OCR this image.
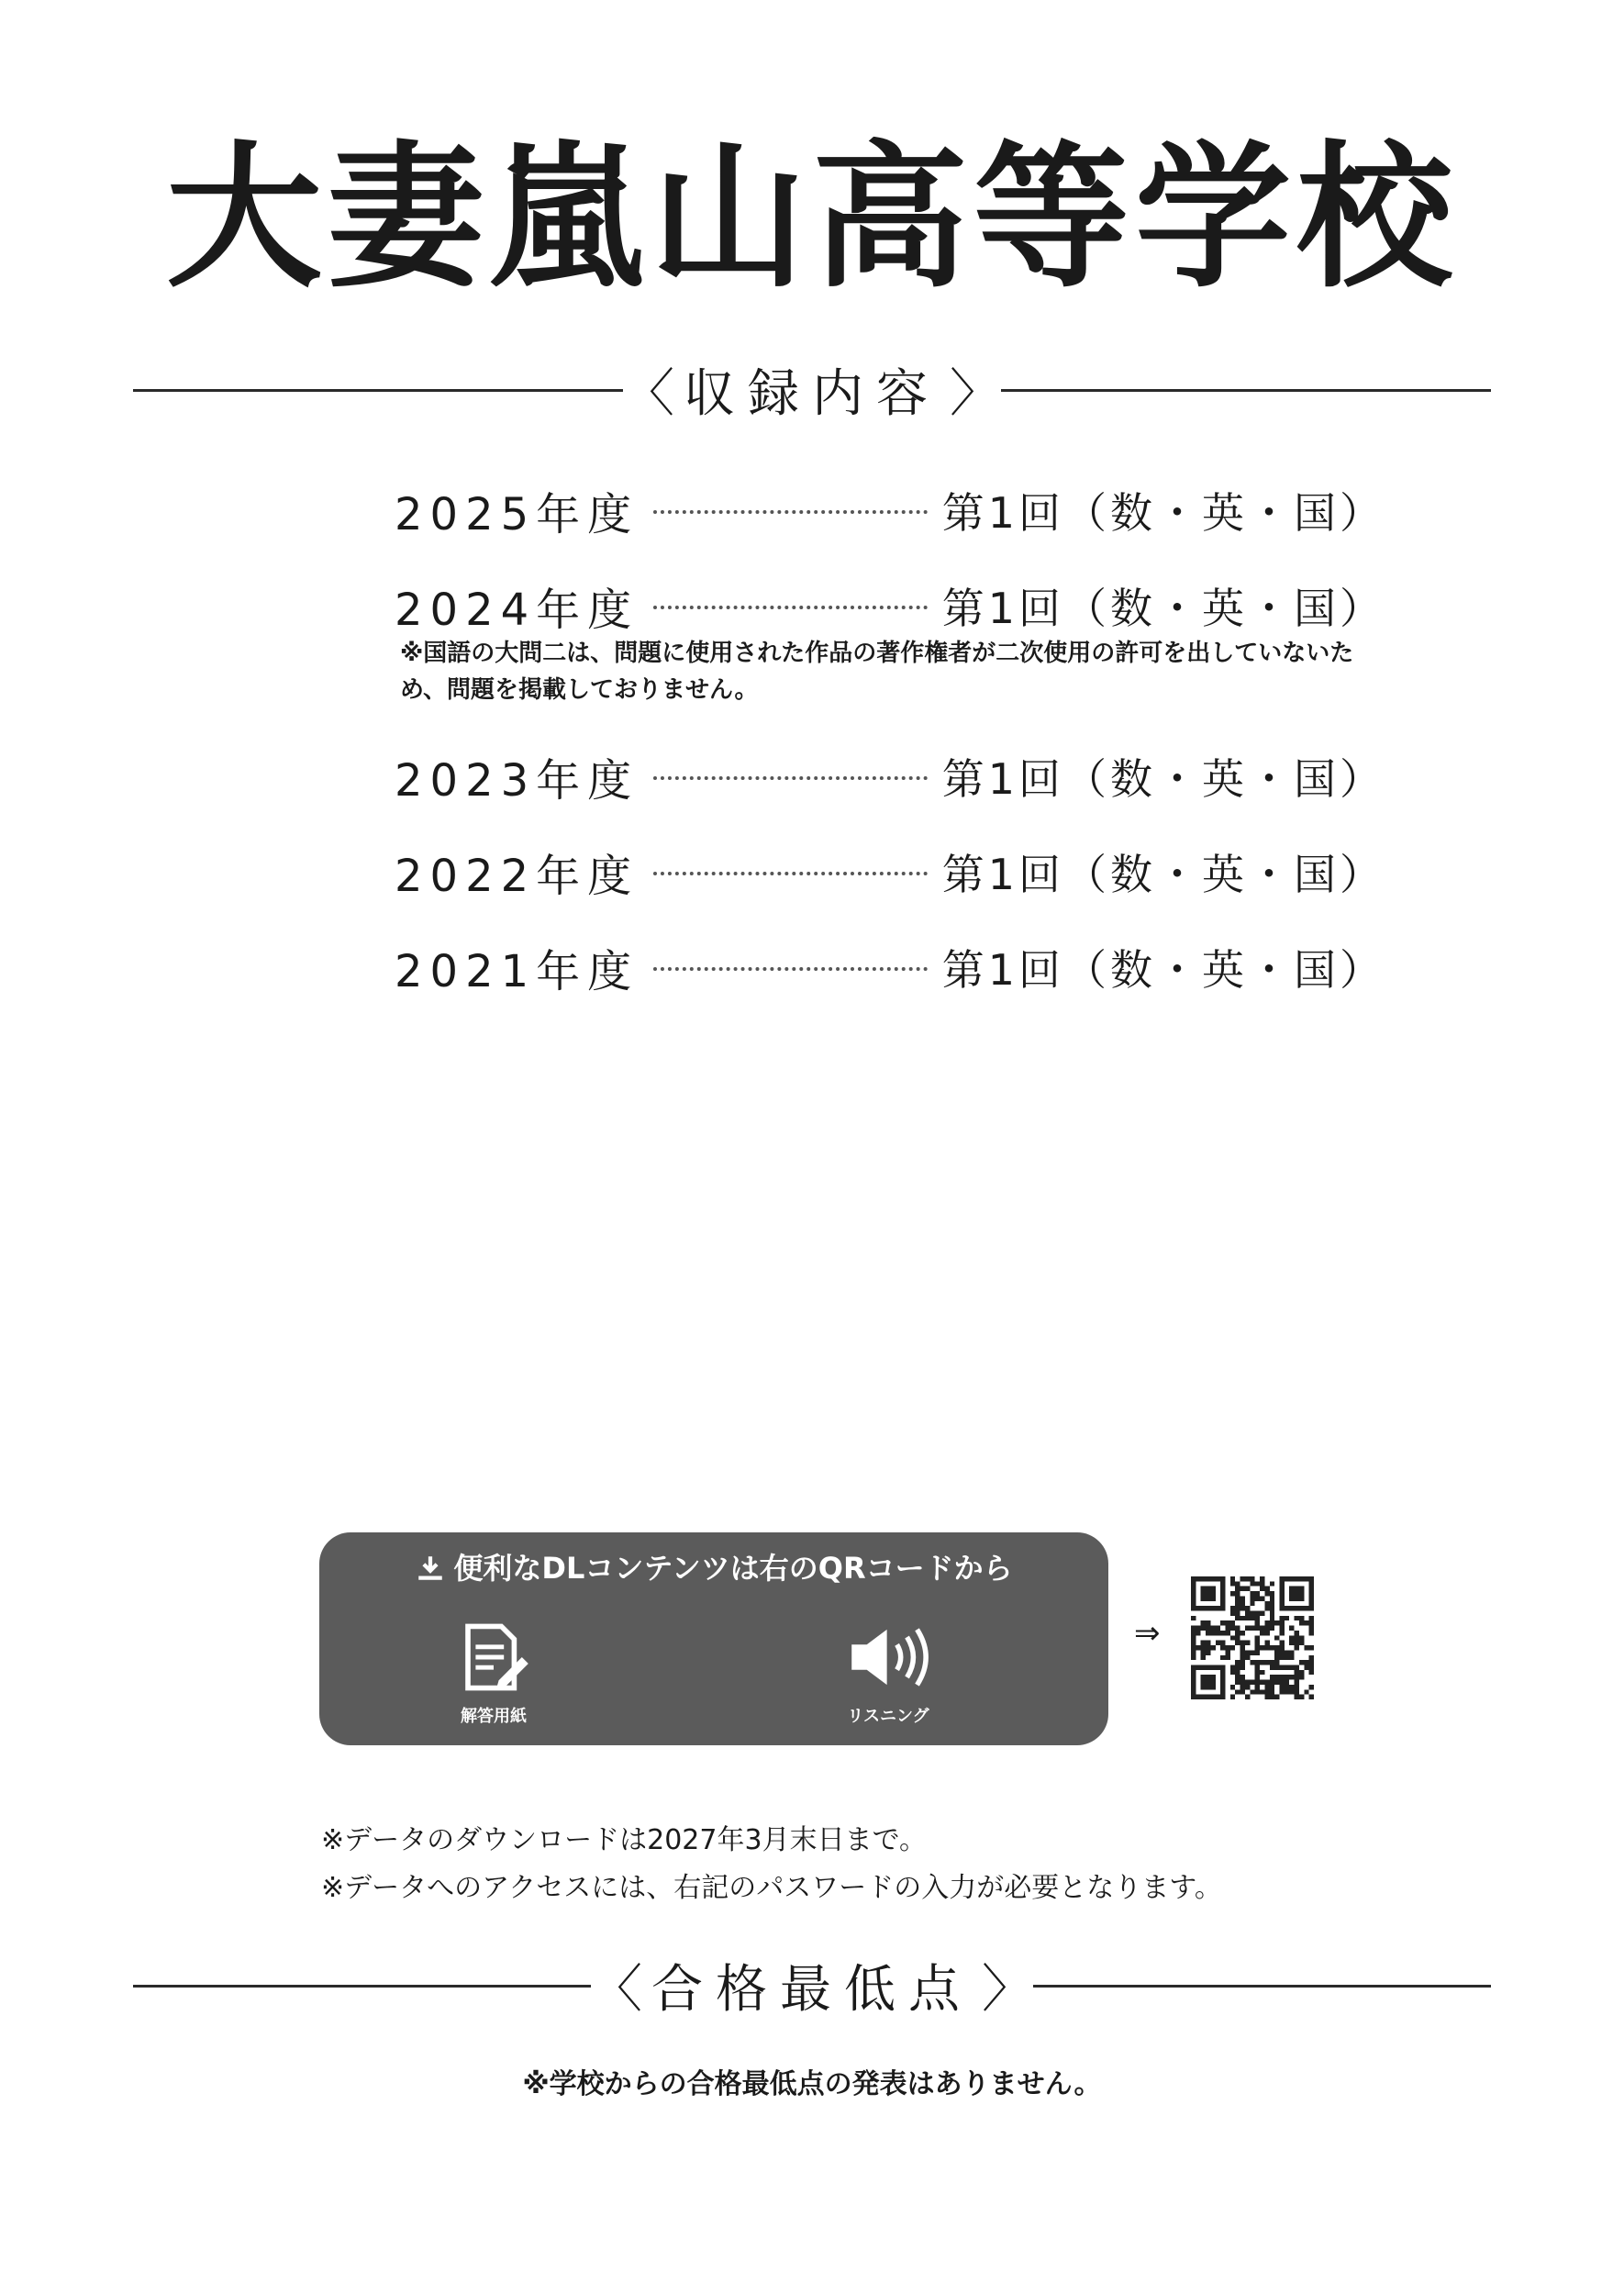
大妻嵐山高等学校
〈 収録内容 〉
2025年度	第1回（数・英・国）
2024年度	第1回（数・英・国）
※国語の大問二は、問題に使用された作品の著作権者が二次使用の許可を出していないため、問題を掲載しておりません。
2023年度	第1回（数・英・国）
2022年度	第1回（数・英・国）
2021年度	第1回（数・英・国）
便利なDLコンテンツは右のQRコードから
解答用紙	リスニング
⇒
※データのダウンロードは2027年3月末日まで。
※データへのアクセスには、右記のパスワードの入力が必要となります。
〈 合格最低点 〉
※学校からの合格最低点の発表はありません。
